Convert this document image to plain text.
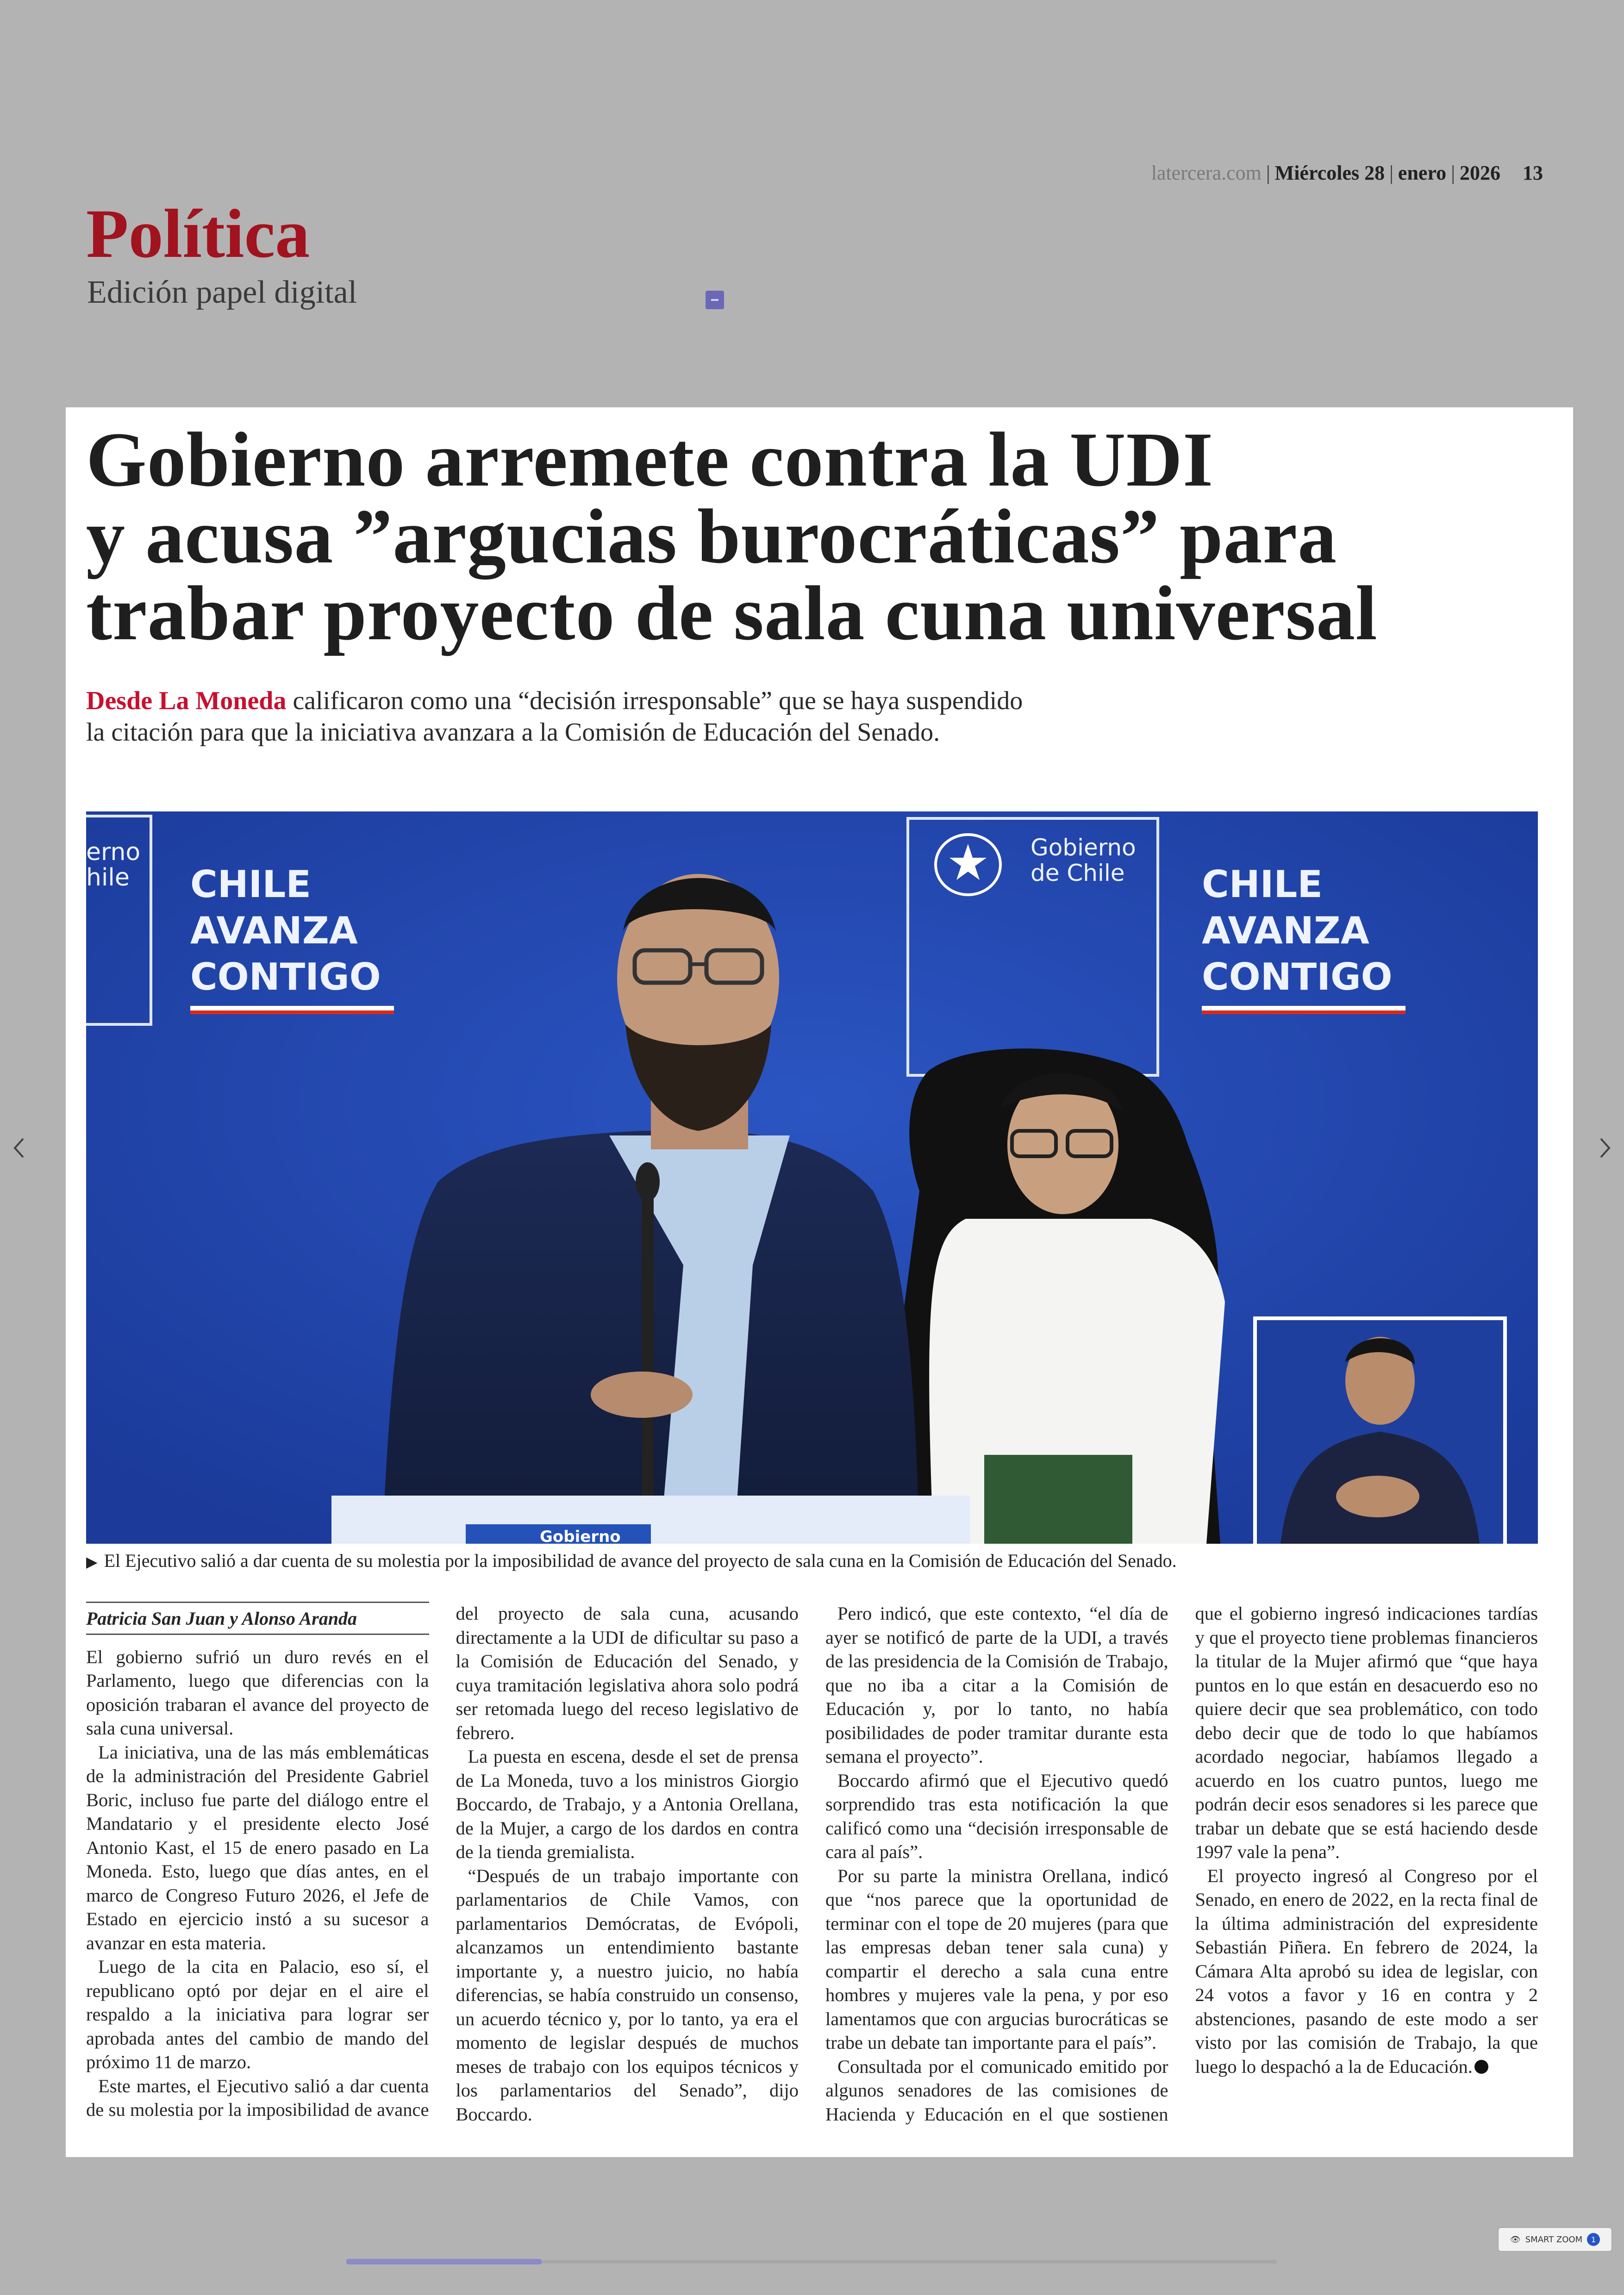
latercera.com | Miércoles 28 | enero | 2026 13
Política
Edición papel digital
Gobierno arremete contra la UDI
y acusa ”argucias burocráticas” para
trabar proyecto de sala cuna universal
Desde La Moneda calificaron como una “decisión irresponsable” que se haya suspendido
la citación para que la iniciativa avanzara a la Comisión de Educación del Senado.
CHILE
AVANZA
CONTIGO
erno
hile	CHILE
AVANZA
CONTIGO
Gobierno
de Chile
Gobierno
▶ El Ejecutivo salió a dar cuenta de su molestia por la imposibilidad de avance del proyecto de sala cuna en la Comisión de Educación del Senado.
Patricia San Juan y Alonso Aranda

El gobierno sufrió un duro revés en el Parlamento, luego que diferencias con la oposición trabaran el avance del proyecto de sala cuna universal.

La iniciativa, una de las más emblemáticas de la administración del Presidente Gabriel Boric, incluso fue parte del diálogo entre el Mandatario y el presidente electo José Antonio Kast, el 15 de enero pasado en La Moneda. Esto, luego que días antes, en el marco de Congreso Futuro 2026, el Jefe de Estado en ejercicio instó a su sucesor a avanzar en esta materia.

Luego de la cita en Palacio, eso sí, el republicano optó por dejar en el aire el respaldo a la iniciativa para lograr ser aprobada antes del cambio de mando del próximo 11 de marzo.

Este martes, el Ejecutivo salió a dar cuenta de su molestia por la imposibilidad de avance del proyecto de sala cuna, acusando directamente a la UDI de dificultar su paso a la Comisión de Educación del Senado, y cuya tramitación legislativa ahora solo podrá ser retomada luego del receso legislativo de febrero.

La puesta en escena, desde el set de prensa de La Moneda, tuvo a los ministros Giorgio Boccardo, de Trabajo, y a Antonia Orellana, de la Mujer, a cargo de los dardos en contra de la tienda gremialista.

“Después de un trabajo importante con parlamentarios de Chile Vamos, con parlamentarios Demócratas, de Evópoli, alcanzamos un entendimiento bastante importante y, a nuestro juicio, no había diferencias, se había construido un consenso, un acuerdo técnico y, por lo tanto, ya era el momento de legislar después de muchos meses de trabajo con los equipos técnicos y los parlamentarios del Senado”, dijo Boccardo.

Pero indicó, que este contexto, “el día de ayer se notificó de parte de la UDI, a través de las presidencia de la Comisión de Trabajo, que no iba a citar a la Comisión de Educación y, por lo tanto, no había posibilidades de poder tramitar durante esta semana el proyecto”.

Boccardo afirmó que el Ejecutivo quedó sorprendido tras esta notificación la que calificó como una “decisión irresponsable de cara al país”.

Por su parte la ministra Orellana, indicó que “nos parece que la oportunidad de terminar con el tope de 20 mujeres (para que las empresas deban tener sala cuna) y compartir el derecho a sala cuna entre hombres y mujeres vale la pena, y por eso lamentamos que con argucias burocráticas se trabe un debate tan importante para el país”.

Consultada por el comunicado emitido por algunos senadores de las comisiones de Hacienda y Educación en el que sostienen que el gobierno ingresó indicaciones tardías y que el proyecto tiene problemas financieros la titular de la Mujer afirmó que “que haya puntos en lo que están en desacuerdo eso no quiere decir que sea problemático, con todo debo decir que de todo lo que habíamos acordado negociar, habíamos llegado a acuerdo en los cuatro puntos, luego me podrán decir esos senadores si les parece que trabar un debate que se está haciendo desde 1997 vale la pena”.

El proyecto ingresó al Congreso por el Senado, en enero de 2022, en la recta final de la última administración del expresidente Sebastián Piñera. En febrero de 2024, la Cámara Alta aprobó su idea de legislar, con 24 votos a favor y 16 en contra y 2 abstenciones, pasando de este modo a ser visto por las comisión de Trabajo, la que luego lo despachó a la de Educación.

👁 SMART ZOOM	1
